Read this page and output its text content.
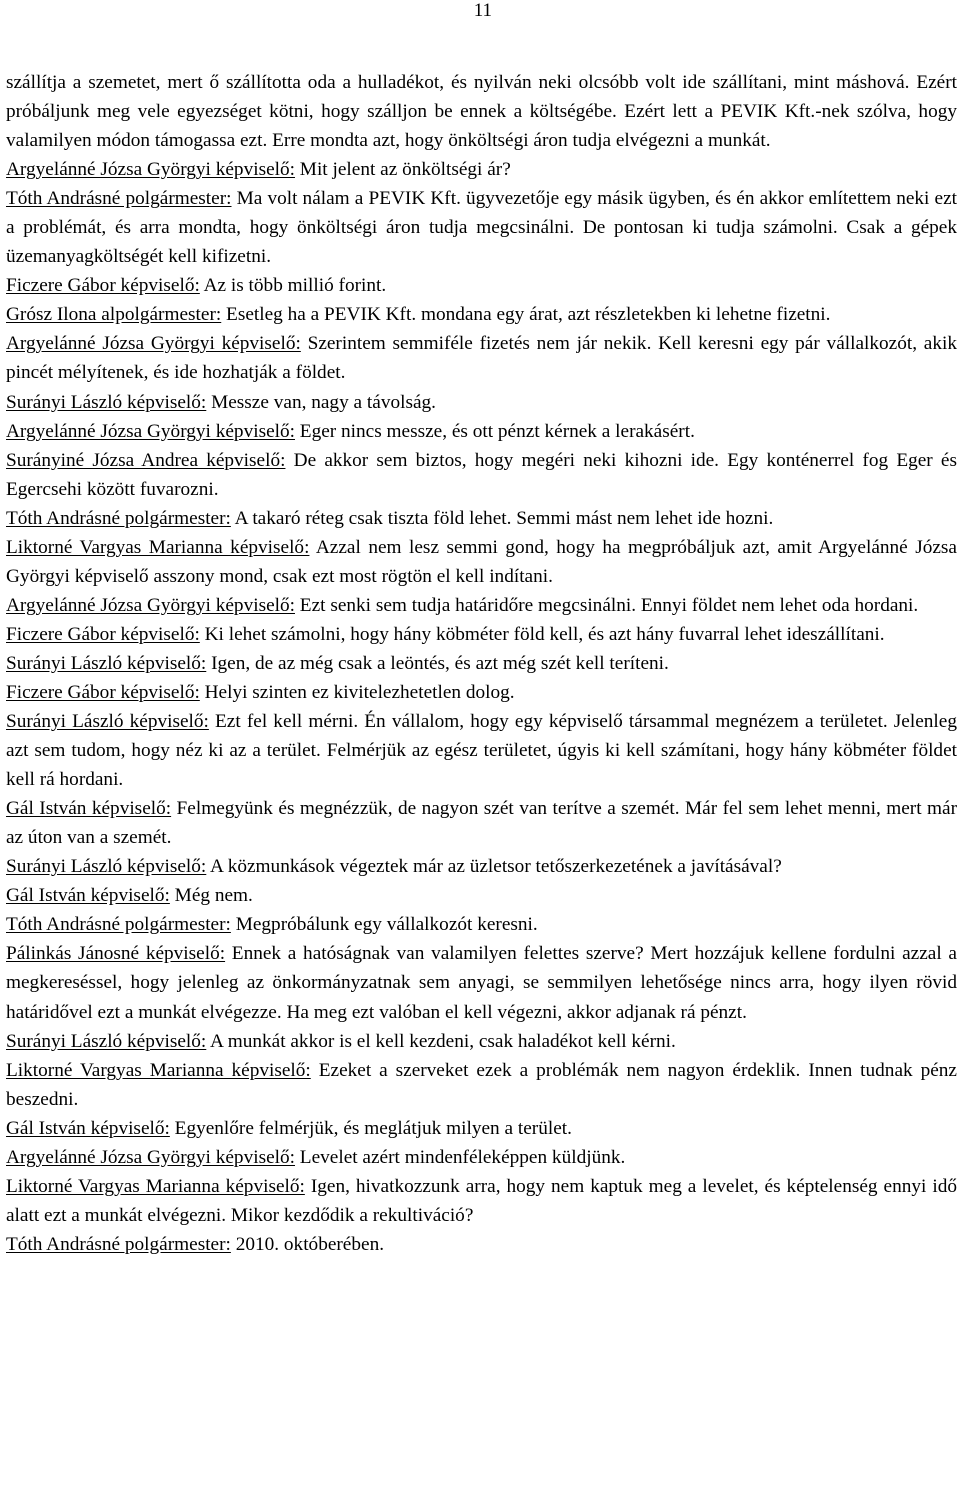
11

szállítja a szemetet, mert ő szállította oda a hulladékot, és nyilván neki olcsóbb volt ide szállítani, mint máshová. Ezért próbáljunk meg vele egyezséget kötni, hogy szálljon be ennek a költségébe. Ezért lett a PEVIK Kft.-nek szólva, hogy valamilyen módon támogassa ezt. Erre mondta azt, hogy önköltségi áron tudja elvégezni a munkát.

Argyelánné Józsa Györgyi képviselő: Mit jelent az önköltségi ár?

Tóth Andrásné polgármester: Ma volt nálam a PEVIK Kft. ügyvezetője egy másik ügyben, és én akkor említettem neki ezt a problémát, és arra mondta, hogy önköltségi áron tudja megcsinálni. De pontosan ki tudja számolni. Csak a gépek üzemanyagköltségét kell kifizetni.

Ficzere Gábor képviselő: Az is több millió forint.

Grósz Ilona alpolgármester: Esetleg ha a PEVIK Kft. mondana egy árat, azt részletekben ki lehetne fizetni.

Argyelánné Józsa Györgyi képviselő: Szerintem semmiféle fizetés nem jár nekik. Kell keresni egy pár vállalkozót, akik pincét mélyítenek, és ide hozhatják a földet.

Surányi László képviselő: Messze van, nagy a távolság.

Argyelánné Józsa Györgyi képviselő: Eger nincs messze, és ott pénzt kérnek a lerakásért.

Surányiné Józsa Andrea képviselő: De akkor sem biztos, hogy megéri neki kihozni ide. Egy konténerrel fog Eger és Egercsehi között fuvarozni.

Tóth Andrásné polgármester: A takaró réteg csak tiszta föld lehet. Semmi mást nem lehet ide hozni.

Liktorné Vargyas Marianna képviselő: Azzal nem lesz semmi gond, hogy ha megpróbáljuk azt, amit Argyelánné Józsa Györgyi képviselő asszony mond, csak ezt most rögtön el kell indítani.

Argyelánné Józsa Györgyi képviselő: Ezt senki sem tudja határidőre megcsinálni. Ennyi földet nem lehet oda hordani.

Ficzere Gábor képviselő: Ki lehet számolni, hogy hány köbméter föld kell, és azt hány fuvarral lehet ideszállítani.

Surányi László képviselő: Igen, de az még csak a leöntés, és azt még szét kell teríteni.

Ficzere Gábor képviselő: Helyi szinten ez kivitelezhetetlen dolog.

Surányi László képviselő: Ezt fel kell mérni. Én vállalom, hogy egy képviselő társammal megnézem a területet. Jelenleg azt sem tudom, hogy néz ki az a terület. Felmérjük az egész területet, úgyis ki kell számítani, hogy hány köbméter földet kell rá hordani.

Gál István képviselő: Felmegyünk és megnézzük, de nagyon szét van terítve a szemét. Már fel sem lehet menni, mert már az úton van a szemét.

Surányi László képviselő: A közmunkások végeztek már az üzletsor tetőszerkezetének a javításával?

Gál István képviselő: Még nem.

Tóth Andrásné polgármester: Megpróbálunk egy vállalkozót keresni.

Pálinkás Jánosné képviselő: Ennek a hatóságnak van valamilyen felettes szerve? Mert hozzájuk kellene fordulni azzal a megkereséssel, hogy jelenleg az önkormányzatnak sem anyagi, se semmilyen lehetősége nincs arra, hogy ilyen rövid határidővel ezt a munkát elvégezze. Ha meg ezt valóban el kell végezni, akkor adjanak rá pénzt.

Surányi László képviselő: A munkát akkor is el kell kezdeni, csak haladékot kell kérni.

Liktorné Vargyas Marianna képviselő: Ezeket a szerveket ezek a problémák nem nagyon érdeklik. Innen tudnak pénz beszedni.

Gál István képviselő: Egyenlőre felmérjük, és meglátjuk milyen a terület.

Argyelánné Józsa Györgyi képviselő: Levelet azért mindenféleképpen küldjünk.

Liktorné Vargyas Marianna képviselő: Igen, hivatkozzunk arra, hogy nem kaptuk meg a levelet, és képtelenség ennyi idő alatt ezt a munkát elvégezni. Mikor kezdődik a rekultiváció?

Tóth Andrásné polgármester: 2010. októberében.
